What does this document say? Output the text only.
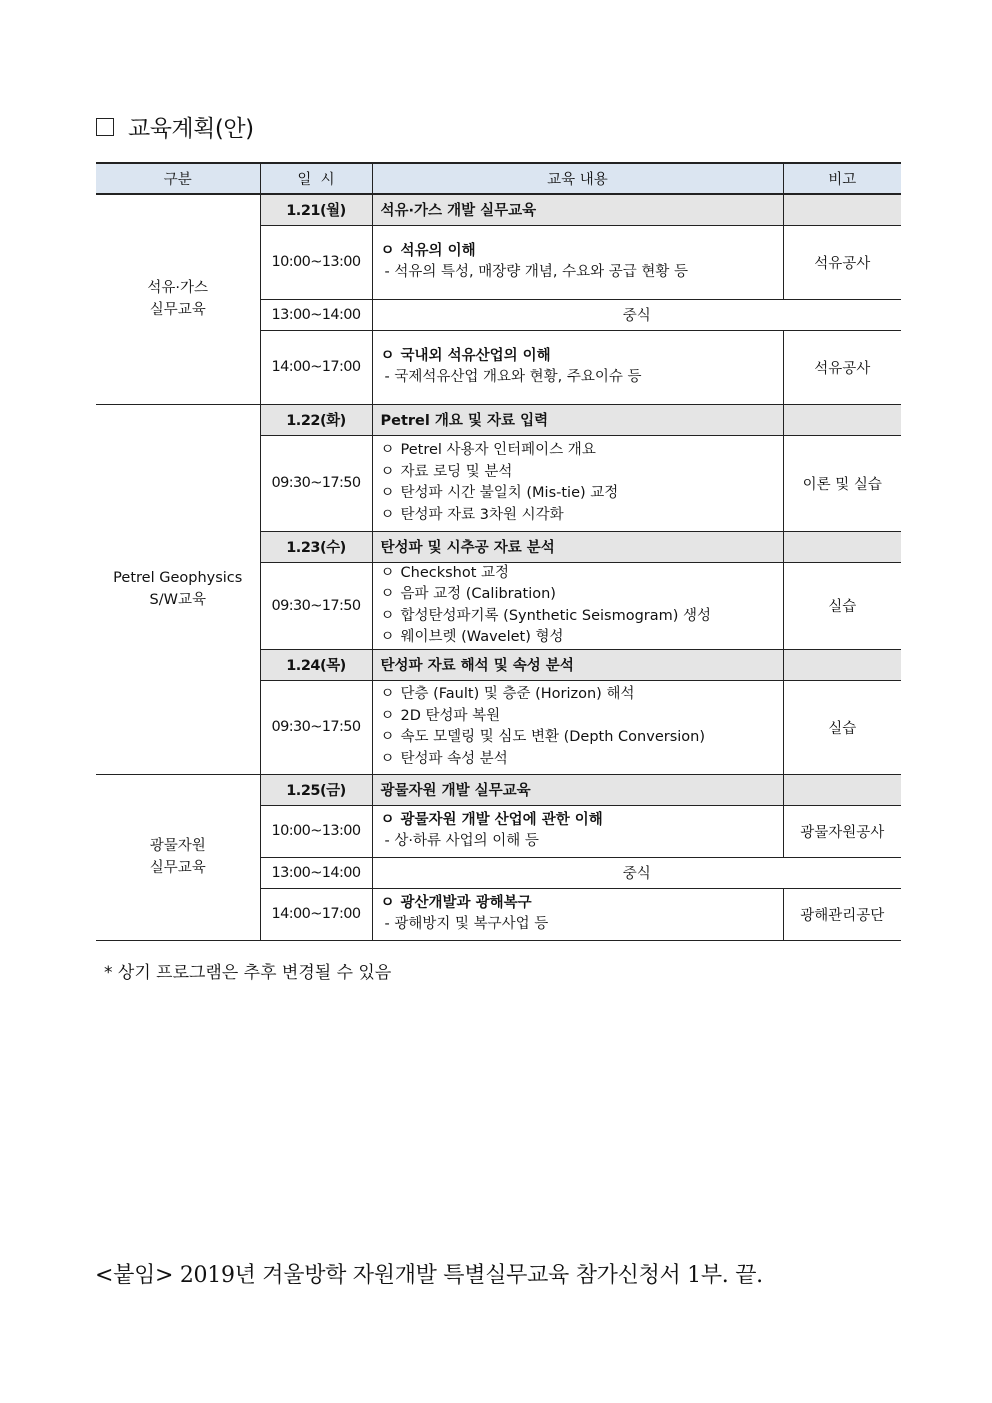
교육계획(안)
구분	일  시	교육 내용	비고

석유·가스
실무교육	1.21(월)	석유·가스 개발 실무교육	
	10:00~13:00	ㅇ 석유의 이해
- 석유의 특성, 매장량 개념, 수요와 공급 현황 등	석유공사
	13:00~14:00	중식	
	14:00~17:00	ㅇ 국내외 석유산업의 이해
- 국제석유산업 개요와 현황, 주요이슈 등	석유공사

Petrel Geophysics
S/W교육	1.22(화)	Petrel 개요 및 자료 입력	
	09:30~17:50	ㅇ Petrel 사용자 인터페이스 개요
ㅇ 자료 로딩 및 분석
ㅇ 탄성파 시간 불일치 (Mis-tie) 교정
ㅇ 탄성파 자료 3차원 시각화	이론 및 실습
	1.23(수)	탄성파 및 시추공 자료 분석	
	09:30~17:50	ㅇ Checkshot 교정
ㅇ 음파 교정 (Calibration)
ㅇ 합성탄성파기록 (Synthetic Seismogram) 생성
ㅇ 웨이브렛 (Wavelet) 형성	실습
	1.24(목)	탄성파 자료 해석 및 속성 분석	
	09:30~17:50	ㅇ 단층 (Fault) 및 층준 (Horizon) 해석
ㅇ 2D 탄성파 복원
ㅇ 속도 모델링 및 심도 변환 (Depth Conversion)
ㅇ 탄성파 속성 분석	실습

광물자원
실무교육	1.25(금)	광물자원 개발 실무교육	
	10:00~13:00	ㅇ 광물자원 개발 산업에 관한 이해
- 상·하류 사업의 이해 등	광물자원공사
	13:00~14:00	중식	
	14:00~17:00	ㅇ 광산개발과 광해복구
- 광해방지 및 복구사업 등	광해관리공단
* 상기 프로그램은 추후 변경될 수 있음
<붙임> 2019년 겨울방학 자원개발 특별실무교육 참가신청서 1부. 끝.
